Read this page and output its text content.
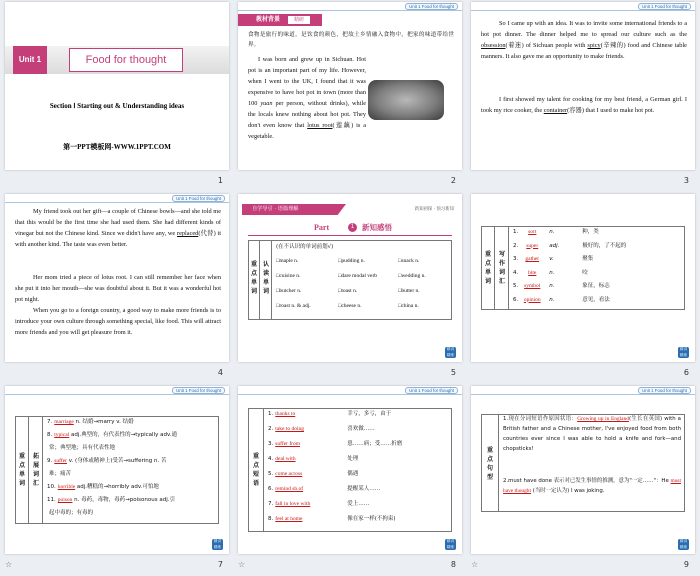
Unit 1	Food for thought
Section Ⅰ Starting out & Understanding ideas
第一PPT模板网-WWW.1PPT.COM
1
Unit 1 Food for thought
教材背景	精研
食物是旅行的味道，是饮食的颜色，把故土乡情融入食物中，把家的味道带给世界。
I was born and grew up in Sichuan. Hot pot is an important part of my life. However, when I went to the UK, I found that it was expensive to have hot pot in town (more than 100 yuan per person, without drinks), while the locals knew nothing about hot pot. They don't even know that lotus root(莲藕) is a vegetable.
2
Unit 1 Food for thought
So I came up with an idea. It was to invite some international friends to a hot pot dinner. The dinner helped me to spread our culture such as the obsession(着迷) of Sichuan people with spicy(辛辣的) food and Chinese table manners. It also gave me an opportunity to make friends.
I first showed my talent for cooking for my best friend, a German girl. I took my rice cooker, the container(容器) that I used to make hot pot.
3
Unit 1 Food for thought
My friend took out her gift—a couple of Chinese bowls—and she told me that this would be the first time she had used them. She had different kinds of vinegar but not the Chinese kind. Since we didn't have any, we replaced(代替) it with another kind. The taste was even better.
Her mom tried a piece of lotus root. I can still remember her face when she put it into her mouth—she was doubtful about it. But it was a wonderful hot pot night.
When you go to a foreign country, a good way to make more friends is to introduce your own culture through something special, like food. This will attract more friends and you will get pleasure from it.
4
自学导引 · 语篇理解	新知初探 · 预习新知
Part	1	新知感悟
重点单词
认读单词
(在不认识的单词前划√)
□maple n.	□pudding n.	□snack n.
□cuisine n.	□dare modal verb	□wedding n.
□butcher n.	□toast n.	□butter n.
□roast n. & adj.	□cheese n.	□china n.
精讲
精练
5
重点单词
写作词汇
1. sort n.	种，类
2. super adj.	极好的，了不起的
3. gather v.	聚集
4. bite n.	咬
5. symbol n.	象征，标志
6. opinion n.	意见，看法
精讲
精练
6
Unit 1 Food for thought
重点单词
拓展词汇
7. marriage n. 结婚→marry v. 结婚
8. typical adj.典型的，有代表性的→typically adv.通
常；典型地；具有代表性地
9. suffer v. (身体或精神上)受苦→suffering n. 苦
难；痛苦
10. horrible adj.糟糕的→horribly adv.可怕地
11. poison n. 毒药，毒物，毒药→poisonous adj.引
起中毒的；有毒的
精讲
精练
☆	7
Unit 1 Food for thought
重点短语
1. thanks to	幸亏，多亏，由于
2. take to doing	喜欢做……
3. suffer from	患……病；受……折磨
4. deal with	处理
5. come across	偶遇
6. remind sb.of	提醒某人……
7. fall in love with	爱上……
8. feel at home	像在家一样(不拘束)
精讲
精练
☆	8
Unit 1 Food for thought
重点句型
1.现在分词短语作原因状语：Growing up in England(生长在英国) with a British father and a Chinese mother, I've enjoyed food from both countries ever since I was able to hold a knife and fork—and chopsticks!
2.must have done 表示对已发生事情的推测，意为"一定……"：He must have thought (当时一定认为) I was joking.
精讲
精练
☆	9
